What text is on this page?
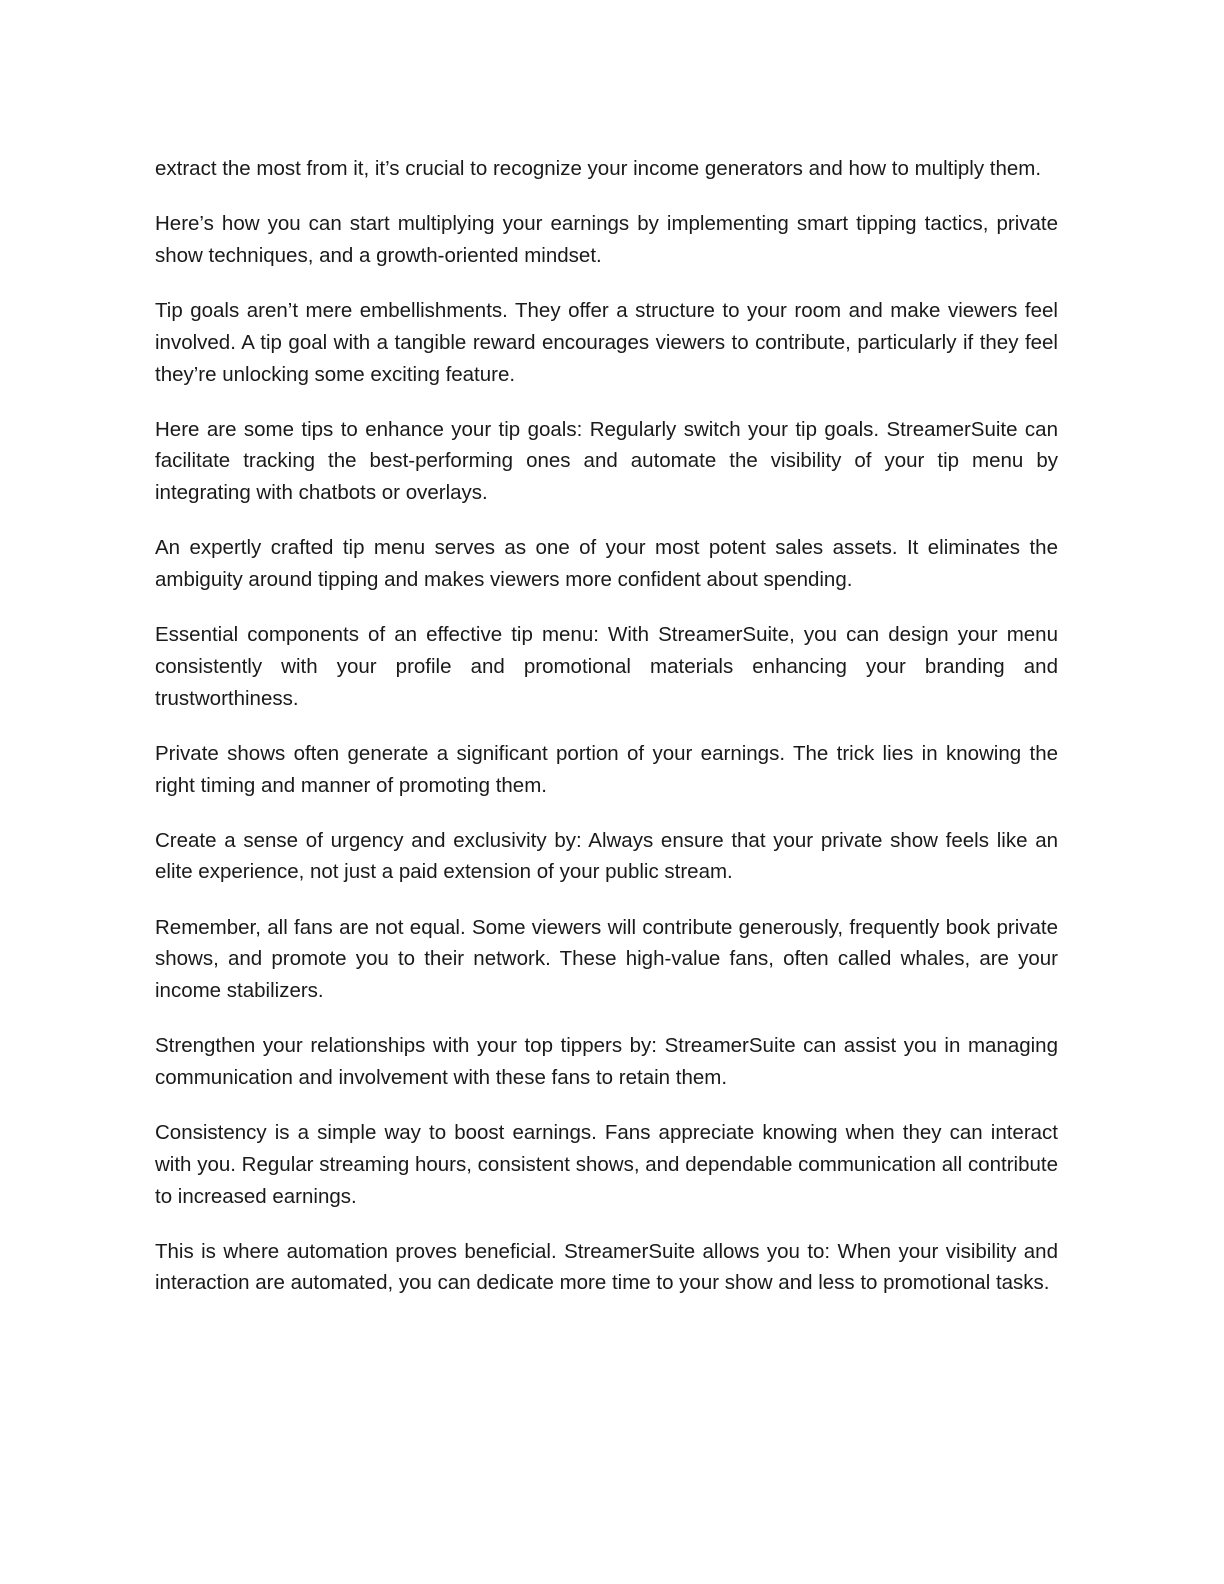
extract the most from it, it’s crucial to recognize your income generators and how to multiply them.

Here’s how you can start multiplying your earnings by implementing smart tipping tactics, private show techniques, and a growth-oriented mindset.

Tip goals aren’t mere embellishments. They offer a structure to your room and make viewers feel involved. A tip goal with a tangible reward encourages viewers to contribute, particularly if they feel they’re unlocking some exciting feature.

Here are some tips to enhance your tip goals: Regularly switch your tip goals. StreamerSuite can facilitate tracking the best-performing ones and automate the visibility of your tip menu by integrating with chatbots or overlays.

An expertly crafted tip menu serves as one of your most potent sales assets. It eliminates the ambiguity around tipping and makes viewers more confident about spending.

Essential components of an effective tip menu: With StreamerSuite, you can design your menu consistently with your profile and promotional materials enhancing your branding and trustworthiness.

Private shows often generate a significant portion of your earnings. The trick lies in knowing the right timing and manner of promoting them.

Create a sense of urgency and exclusivity by: Always ensure that your private show feels like an elite experience, not just a paid extension of your public stream.

Remember, all fans are not equal. Some viewers will contribute generously, frequently book private shows, and promote you to their network. These high-value fans, often called whales, are your income stabilizers.

Strengthen your relationships with your top tippers by: StreamerSuite can assist you in managing communication and involvement with these fans to retain them.

Consistency is a simple way to boost earnings. Fans appreciate knowing when they can interact with you. Regular streaming hours, consistent shows, and dependable communication all contribute to increased earnings.

This is where automation proves beneficial. StreamerSuite allows you to: When your visibility and interaction are automated, you can dedicate more time to your show and less to promotional tasks.
